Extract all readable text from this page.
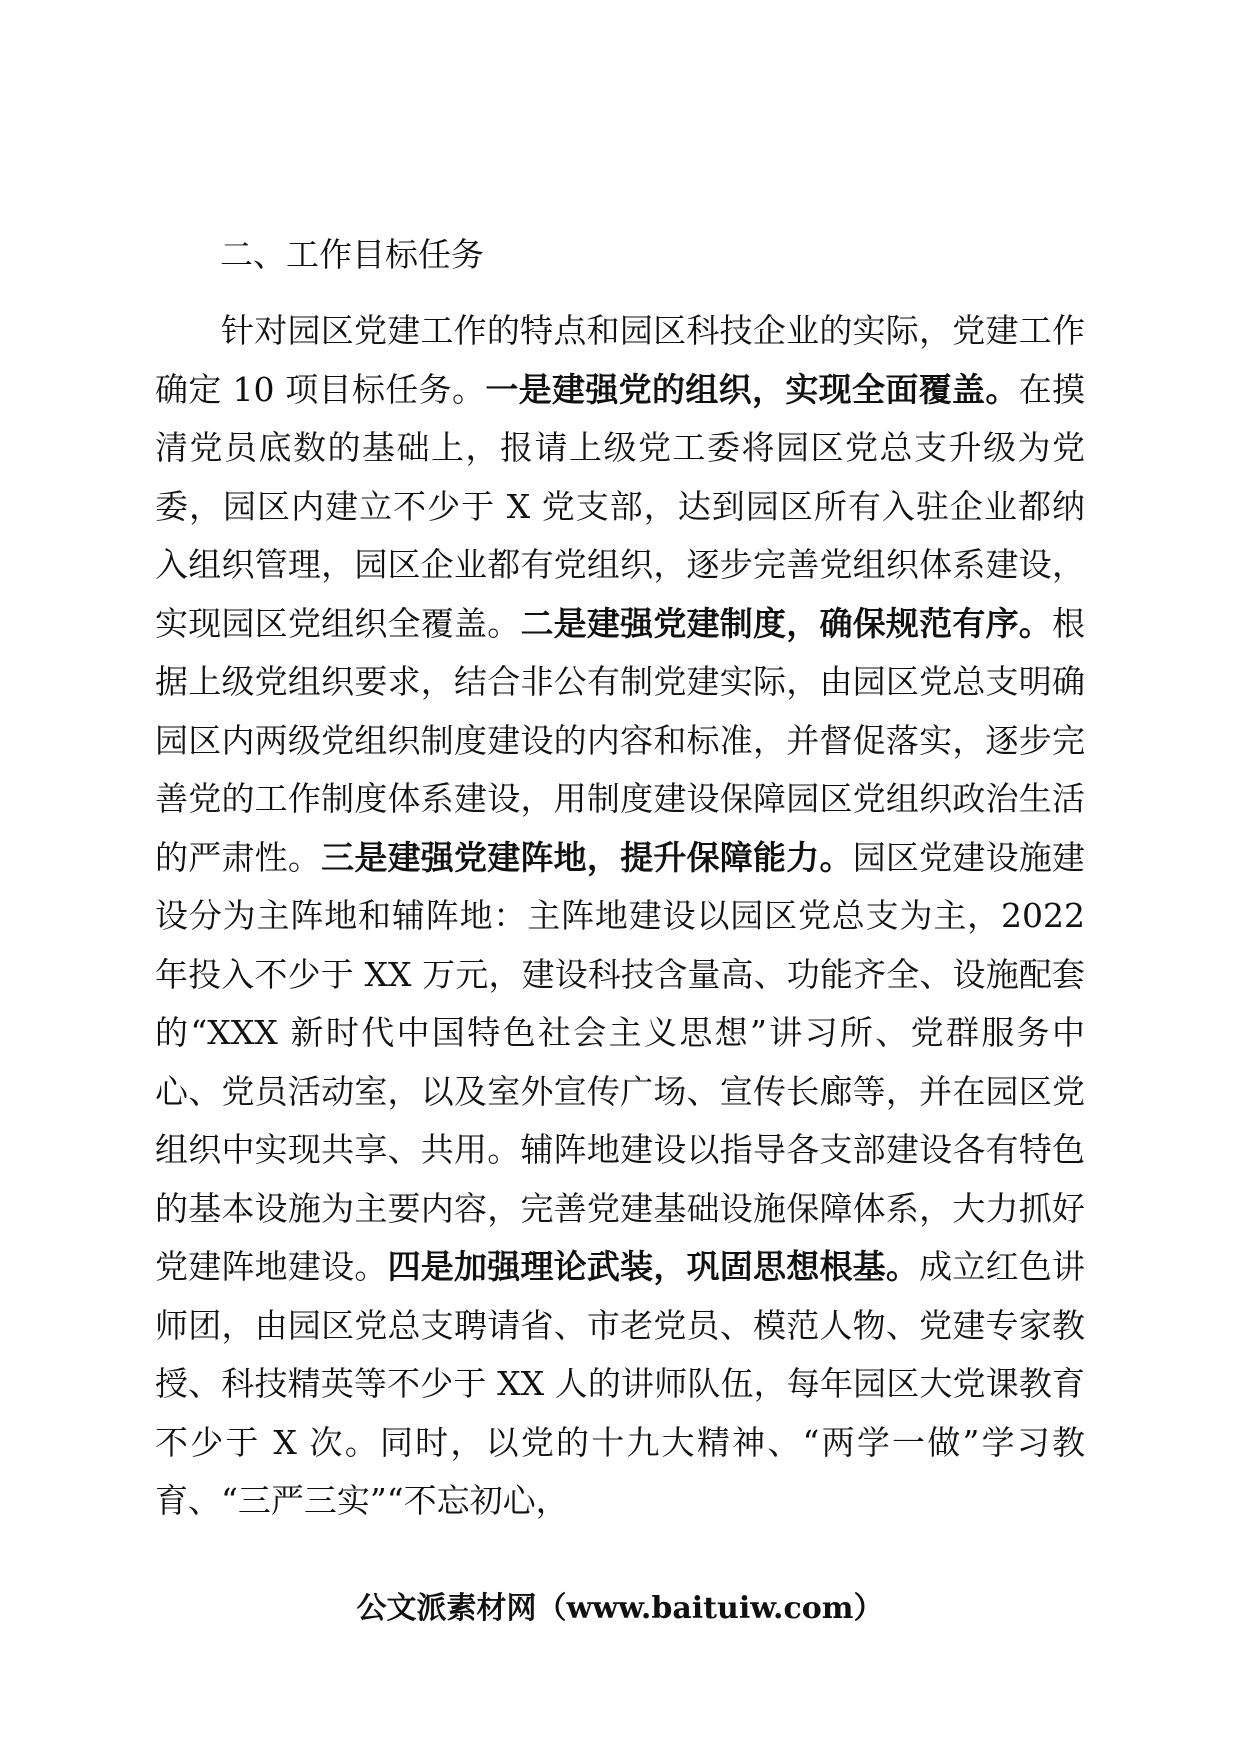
二、工作目标任务

针对园区党建工作的特点和园区科技企业的实际，党建工作确定 10 项目标任务。一是建强党的组织，实现全面覆盖。在摸清党员底数的基础上，报请上级党工委将园区党总支升级为党委，园区内建立不少于 X 党支部，达到园区所有入驻企业都纳入组织管理，园区企业都有党组织，逐步完善党组织体系建设，实现园区党组织全覆盖。二是建强党建制度，确保规范有序。根据上级党组织要求，结合非公有制党建实际，由园区党总支明确园区内两级党组织制度建设的内容和标准，并督促落实，逐步完善党的工作制度体系建设，用制度建设保障园区党组织政治生活的严肃性。三是建强党建阵地，提升保障能力。园区党建设施建设分为主阵地和辅阵地：主阵地建设以园区党总支为主，2022 年投入不少于 XX 万元，建设科技含量高、功能齐全、设施配套的“XXX 新时代中国特色社会主义思想”讲习所、党群服务中心、党员活动室，以及室外宣传广场、宣传长廊等，并在园区党组织中实现共享、共用。辅阵地建设以指导各支部建设各有特色的基本设施为主要内容，完善党建基础设施保障体系，大力抓好党建阵地建设。四是加强理论武装，巩固思想根基。成立红色讲师团，由园区党总支聘请省、市老党员、模范人物、党建专家教授、科技精英等不少于 XX 人的讲师队伍，每年园区大党课教育不少于 X 次。同时，以党的十九大精神、“两学一做”学习教育、“三严三实”“不忘初心，

公文派素材网（www.baituiw.com）
